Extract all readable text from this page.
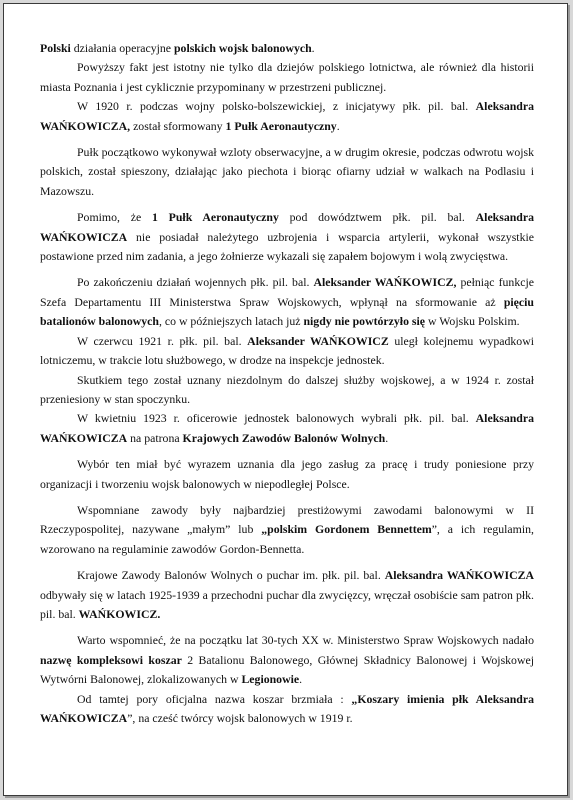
Polski działania operacyjne polskich wojsk balonowych.

Powyższy fakt jest istotny nie tylko dla dziejów polskiego lotnictwa, ale również dla historii miasta Poznania i jest cyklicznie przypominany w przestrzeni publicznej.

W 1920 r. podczas wojny polsko-bolszewickiej, z inicjatywy płk. pil. bal. Aleksandra WAŃKOWICZA, został sformowany 1 Pułk Aeronautyczny.

Pułk początkowo wykonywał wzloty obserwacyjne, a w drugim okresie, podczas odwrotu wojsk polskich, został spieszony, działając jako piechota i biorąc ofiarny udział w walkach na Podlasiu i Mazowszu.

Pomimo, że 1 Pułk Aeronautyczny pod dowództwem płk. pil. bal. Aleksandra WAŃKOWICZA nie posiadał należytego uzbrojenia i wsparcia artylerii, wykonał wszystkie postawione przed nim zadania, a jego żołnierze wykazali się zapałem bojowym i wolą zwycięstwa.

Po zakończeniu działań wojennych płk. pil. bal. Aleksander WAŃKOWICZ, pełniąc funkcje Szefa Departamentu III Ministerstwa Spraw Wojskowych, wpłynął na sformowanie aż pięciu batalionów balonowych, co w późniejszych latach już nigdy nie powtórzyło się w Wojsku Polskim.

W czerwcu 1921 r. płk. pil. bal. Aleksander WAŃKOWICZ uległ kolejnemu wypadkowi lotniczemu, w trakcie lotu służbowego, w drodze na inspekcje jednostek.

Skutkiem tego został uznany niezdolnym do dalszej służby wojskowej, a w 1924 r. został przeniesiony w stan spoczynku.

W kwietniu 1923 r. oficerowie jednostek balonowych wybrali płk. pil. bal. Aleksandra WAŃKOWICZA na patrona Krajowych Zawodów Balonów Wolnych.

Wybór ten miał być wyrazem uznania dla jego zasług za pracę i trudy poniesione przy organizacji i tworzeniu wojsk balonowych w niepodległej Polsce.

Wspomniane zawody były najbardziej prestiżowymi zawodami balonowymi w II Rzeczypospolitej, nazywane „małym” lub „polskim Gordonem Bennettem”, a ich regulamin, wzorowano na regulaminie zawodów Gordon-Bennetta.

Krajowe Zawody Balonów Wolnych o puchar im. płk. pil. bal. Aleksandra WAŃKOWICZA odbywały się w latach 1925-1939 a przechodni puchar dla zwycięzcy, wręczał osobiście sam patron płk. pil. bal. WAŃKOWICZ.

Warto wspomnieć, że na początku lat 30-tych XX w. Ministerstwo Spraw Wojskowych nadało nazwę kompleksowi koszar 2 Batalionu Balonowego, Głównej Składnicy Balonowej i Wojskowej Wytwórni Balonowej, zlokalizowanych w Legionowie.

Od tamtej pory oficjalna nazwa koszar brzmiała : „Koszary imienia płk Aleksandra WAŃKOWICZA”, na cześć twórcy wojsk balonowych w 1919 r.
